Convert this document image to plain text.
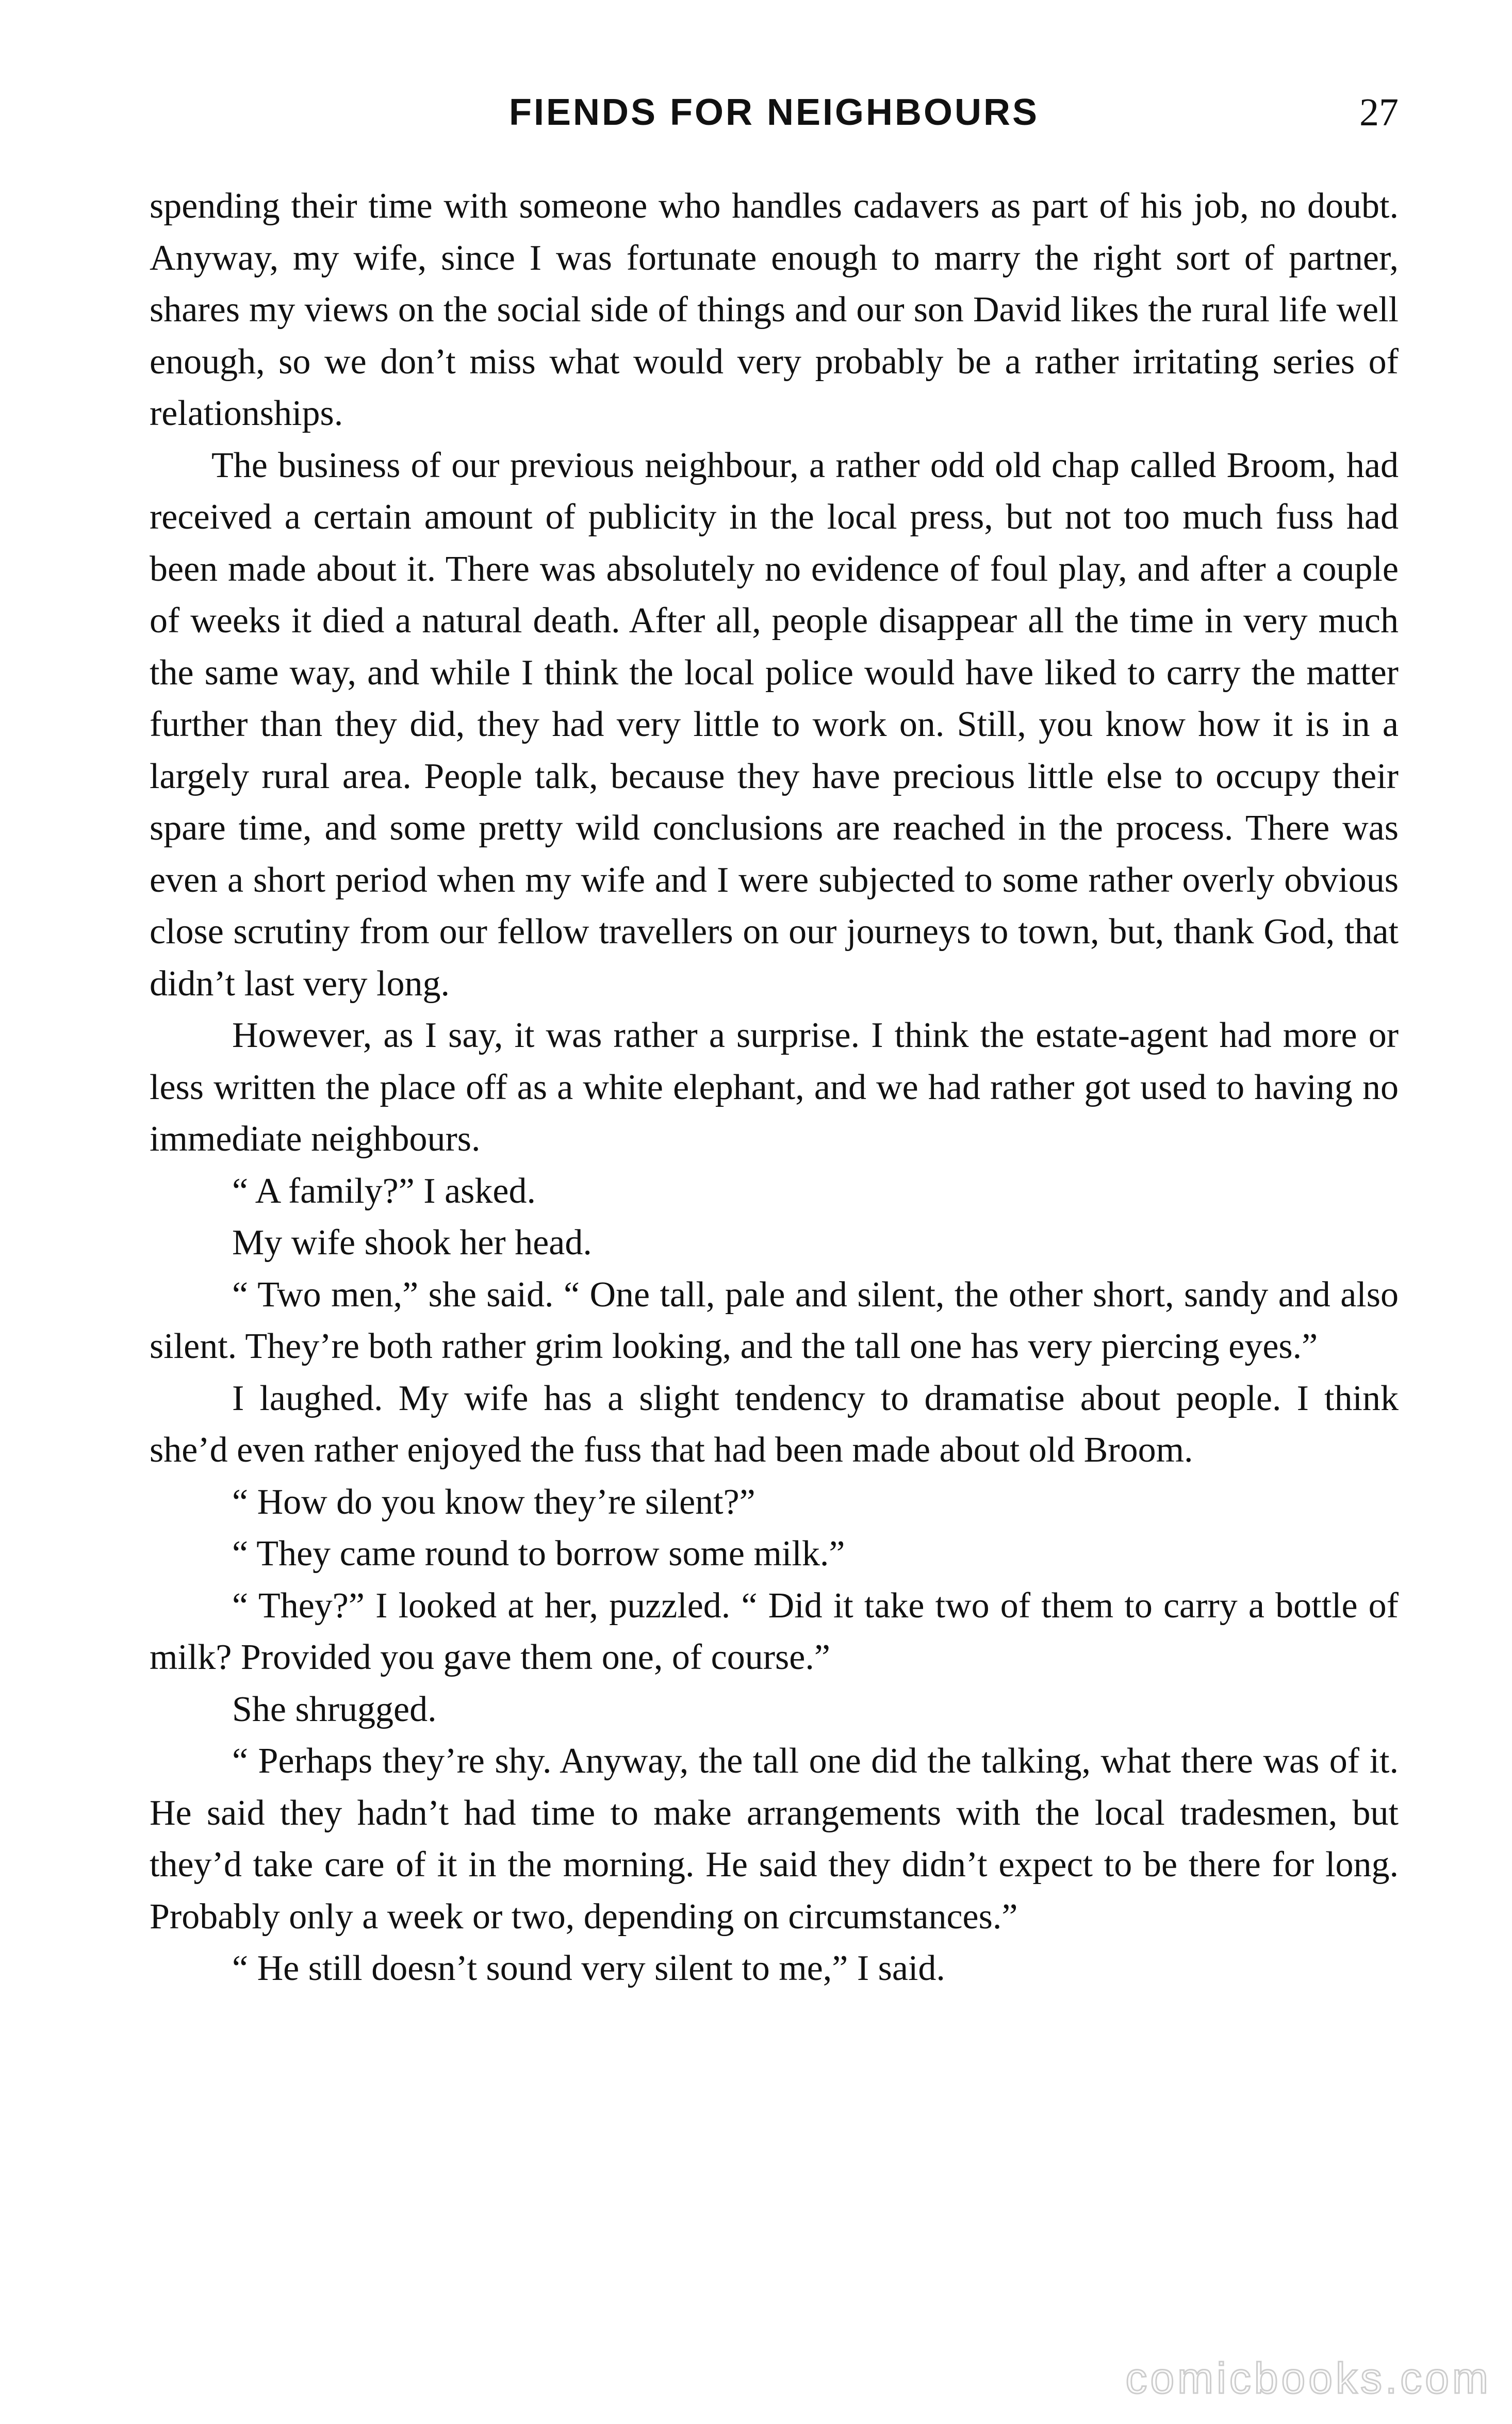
FIENDS FOR NEIGHBOURS	27

spending their time with someone who handles cadavers as part of his job, no doubt. Anyway, my wife, since I was fortunate enough to marry the right sort of partner, shares my views on the social side of things and our son David likes the rural life well enough, so we don’t miss what would very probably be a rather irritating series of relationships.

The business of our previous neighbour, a rather odd old chap called Broom, had received a certain amount of publicity in the local press, but not too much fuss had been made about it. There was absolutely no evidence of foul play, and after a couple of weeks it died a natural death. After all, people disappear all the time in very much the same way, and while I think the local police would have liked to carry the matter further than they did, they had very little to work on. Still, you know how it is in a largely rural area. People talk, because they have precious little else to occupy their spare time, and some pretty wild conclusions are reached in the process. There was even a short period when my wife and I were subjected to some rather overly obvious close scrutiny from our fellow travellers on our journeys to town, but, thank God, that didn’t last very long.

However, as I say, it was rather a surprise. I think the estate-agent had more or less written the place off as a white elephant, and we had rather got used to having no immediate neighbours.

“ A family?” I asked.

My wife shook her head.

“ Two men,” she said. “ One tall, pale and silent, the other short, sandy and also silent. They’re both rather grim looking, and the tall one has very piercing eyes.”

I laughed. My wife has a slight tendency to dramatise about people. I think she’d even rather enjoyed the fuss that had been made about old Broom.

“ How do you know they’re silent?”

“ They came round to borrow some milk.”

“ They?” I looked at her, puzzled. “ Did it take two of them to carry a bottle of milk? Provided you gave them one, of course.”

She shrugged.

“ Perhaps they’re shy. Anyway, the tall one did the talking, what there was of it. He said they hadn’t had time to make arrangements with the local tradesmen, but they’d take care of it in the morning. He said they didn’t expect to be there for long. Probably only a week or two, depending on circumstances.”

“ He still doesn’t sound very silent to me,” I said.

comicbooks.com
